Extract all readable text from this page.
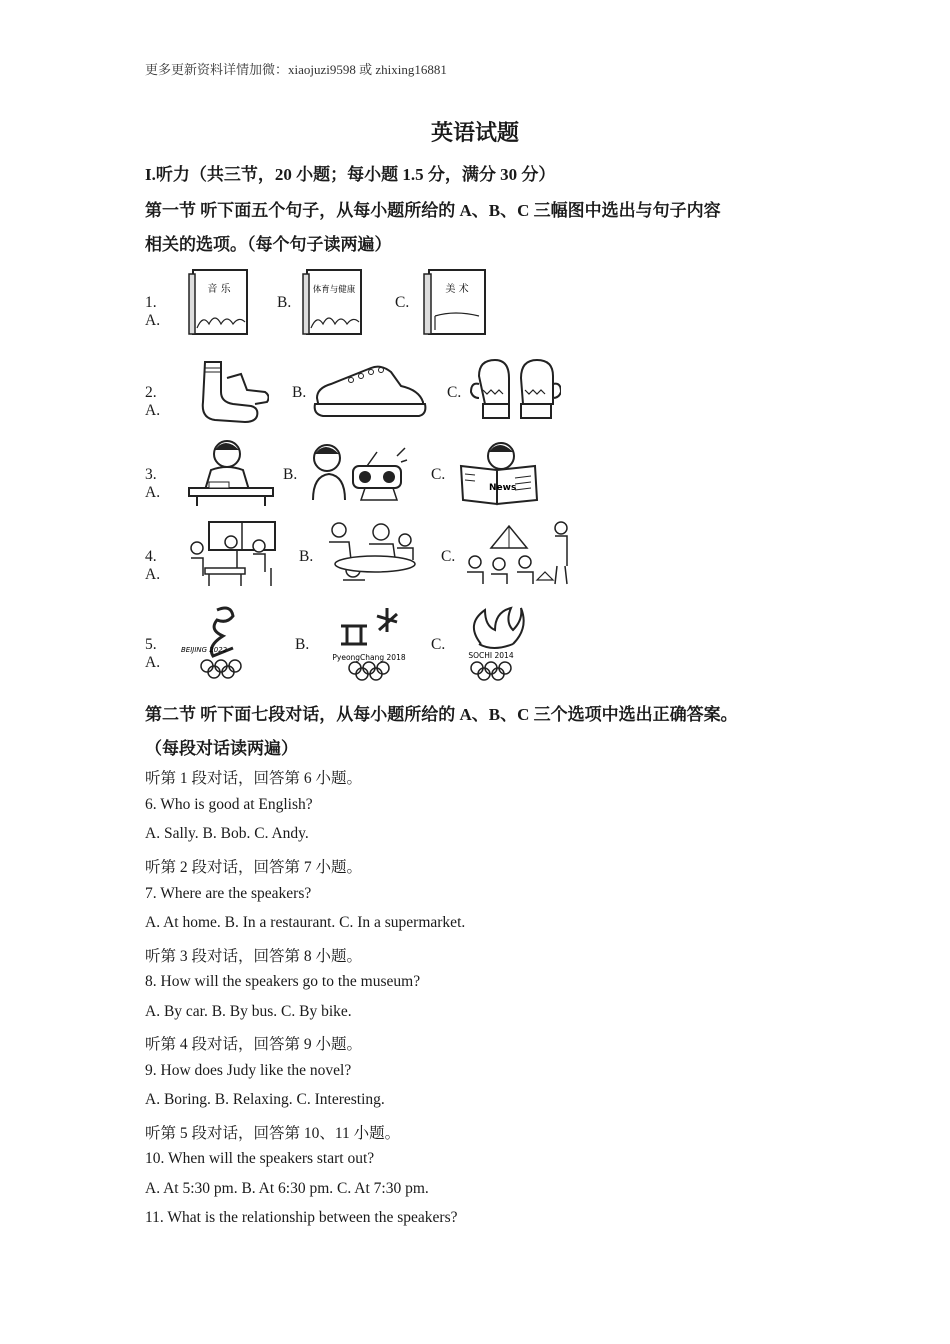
更多更新资料详情加微：xiaojuzi9598 或 zhixing16881
英语试题
I.听力（共三节，20 小题；每小题 1.5 分，满分 30 分）
第一节 听下面五个句子，从每小题所给的 A、B、C 三幅图中选出与句子内容
相关的选项。（每个句子读两遍）
1. A.
音 乐
B.
体育与健康
C.
美 术
2. A.
B.	C.
3. A.
B.	C.
News
4. A.
B.	C.
5. A.
BEIJING 2022	B.
PyeongChang 2018
C.
SOCHI 2014
第二节 听下面七段对话，从每小题所给的 A、B、C 三个选项中选出正确答案。
（每段对话读两遍）
听第 1 段对话，回答第 6 小题。
6. Who is good at English?
A. Sally. B. Bob. C. Andy.
听第 2 段对话，回答第 7 小题。
7. Where are the speakers?
A. At home. B. In a restaurant. C. In a supermarket.
听第 3 段对话，回答第 8 小题。
8. How will the speakers go to the museum?
A. By car. B. By bus. C. By bike.
听第 4 段对话，回答第 9 小题。
9. How does Judy like the novel?
A. Boring. B. Relaxing. C. Interesting.
听第 5 段对话，回答第 10、11 小题。
10. When will the speakers start out?
A. At 5:30 pm. B. At 6:30 pm. C. At 7:30 pm.
11. What is the relationship between the speakers?
